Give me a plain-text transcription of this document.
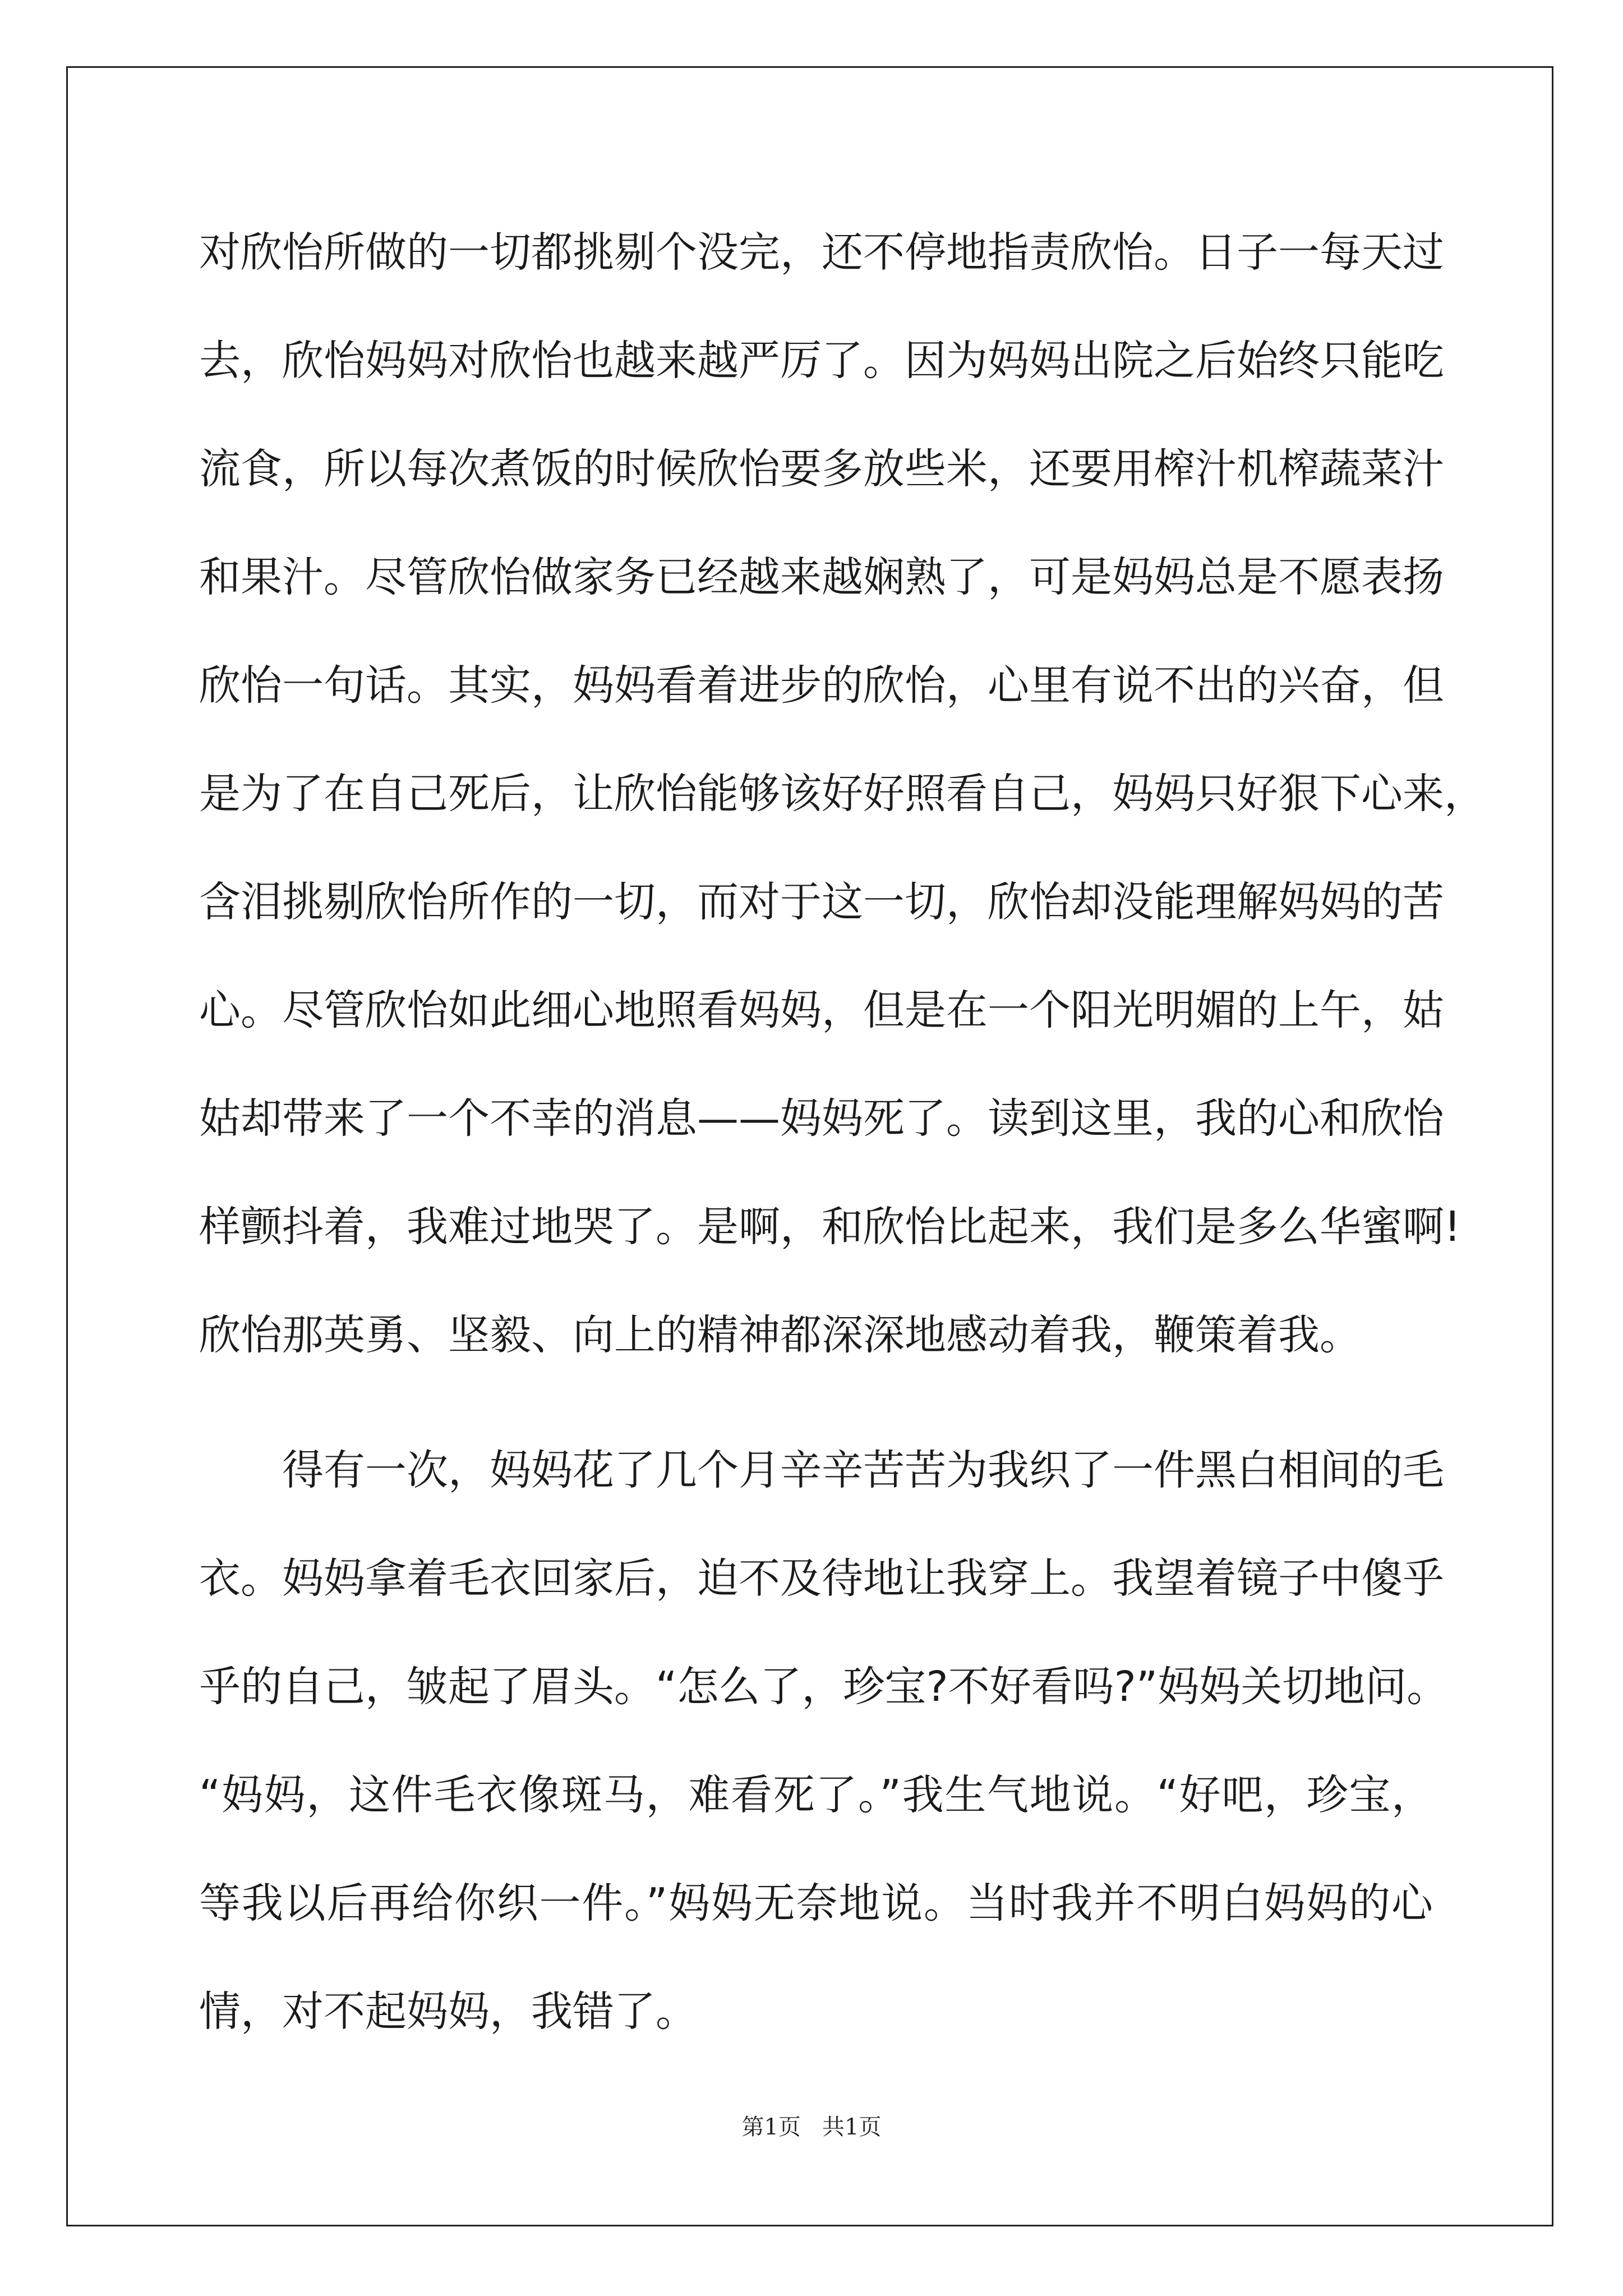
对欣怡所做的一切都挑剔个没完，还不停地指责欣怡。日子一每天过
去，欣怡妈妈对欣怡也越来越严厉了。因为妈妈出院之后始终只能吃
流食，所以每次煮饭的时候欣怡要多放些米，还要用榨汁机榨蔬菜汁
和果汁。尽管欣怡做家务已经越来越娴熟了，可是妈妈总是不愿表扬
欣怡一句话。其实，妈妈看着进步的欣怡，心里有说不出的兴奋，但
是为了在自己死后，让欣怡能够该好好照看自己，妈妈只好狠下心来，
含泪挑剔欣怡所作的一切，而对于这一切，欣怡却没能理解妈妈的苦
心。尽管欣怡如此细心地照看妈妈，但是在一个阳光明媚的上午，姑
姑却带来了一个不幸的消息——妈妈死了。读到这里，我的心和欣怡
样颤抖着，我难过地哭了。是啊，和欣怡比起来，我们是多么华蜜啊!
欣怡那英勇、坚毅、向上的精神都深深地感动着我，鞭策着我。
得有一次，妈妈花了几个月辛辛苦苦为我织了一件黑白相间的毛
衣。妈妈拿着毛衣回家后，迫不及待地让我穿上。我望着镜子中傻乎
乎的自己，皱起了眉头。“怎么了，珍宝?不好看吗?”妈妈关切地问。
“妈妈，这件毛衣像斑马，难看死了。”我生气地说。“好吧，珍宝，
等我以后再给你织一件。”妈妈无奈地说。当时我并不明白妈妈的心
情，对不起妈妈，我错了。
第1页   共1页
